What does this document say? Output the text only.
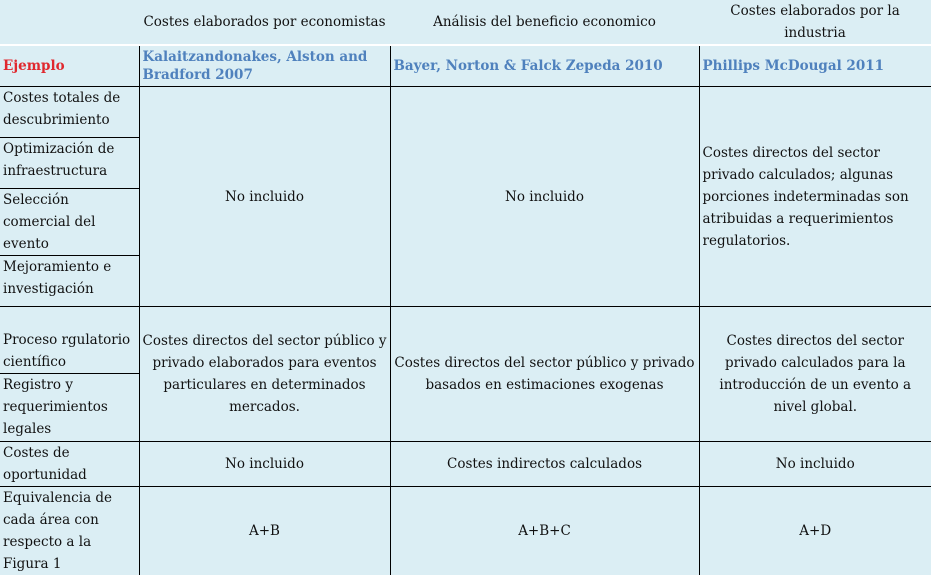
	Costes elaborados por economistas	Análisis del beneficio economico	Costes elaborados por la industria
Ejemplo	Kalaitzandonakes, Alston and Bradford 2007	Bayer, Norton & Falck Zepeda 2010	Phillips McDougal 2011
Costes totales de descubrimiento	No incluido	No incluido	Costes directos del sector privado calculados; algunas porciones indeterminadas son atribuidas a requerimientos regulatorios.
Optimización de infraestructura			
Selección comercial del evento			
Mejoramiento e investigación			
Proceso rgulatorio científico	Costes directos del sector público y privado elaborados para eventos particulares en determinados mercados.	Costes directos del sector público y privado basados en estimaciones exogenas	Costes directos del sector privado calculados para la introducción de un evento a nivel global.
Registro y requerimientos legales			
Costes de oportunidad	No incluido	Costes indirectos calculados	No incluido
Equivalencia de cada área con respecto a la Figura 1	A+B	A+B+C	A+D
